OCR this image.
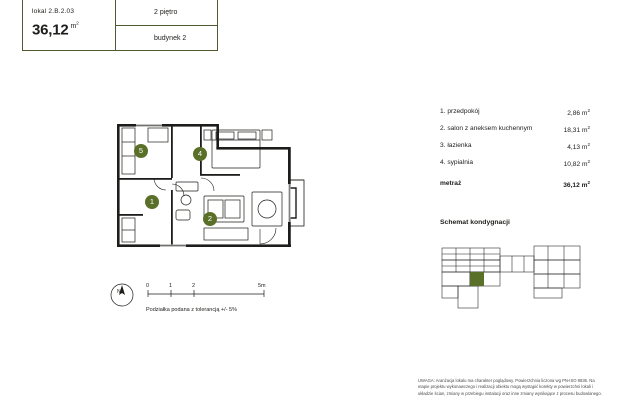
lokal 2.B.2.03
36,12 $^{m^2}$
2 piętro
budynek 2
1
2
4
5
N
0	1	2	5m
Podziałka podana z tolerancją +/- 5%
1. przedpokój	2,86 $m^2$
2. salon z aneksem kuchennym	18,31 $m^2$
3. łazienka	4,13 $m^2$
4. sypialnia	10,82 $m^2$
metraż	36,12 $m^2$
Schemat kondygnacji
UWAGA: Aranżacja lokalu ma charakter poglądowy. Powierzchnia liczona wg PN-ISO 9836. Na etapie projektu wykonawczego i realizacji obiektu mogą wystąpić korekty w powierzchni lokali i układzie ścian, zmiany w przebiegu instalacji oraz inne zmiany wynikające z procesu budowlanego.
